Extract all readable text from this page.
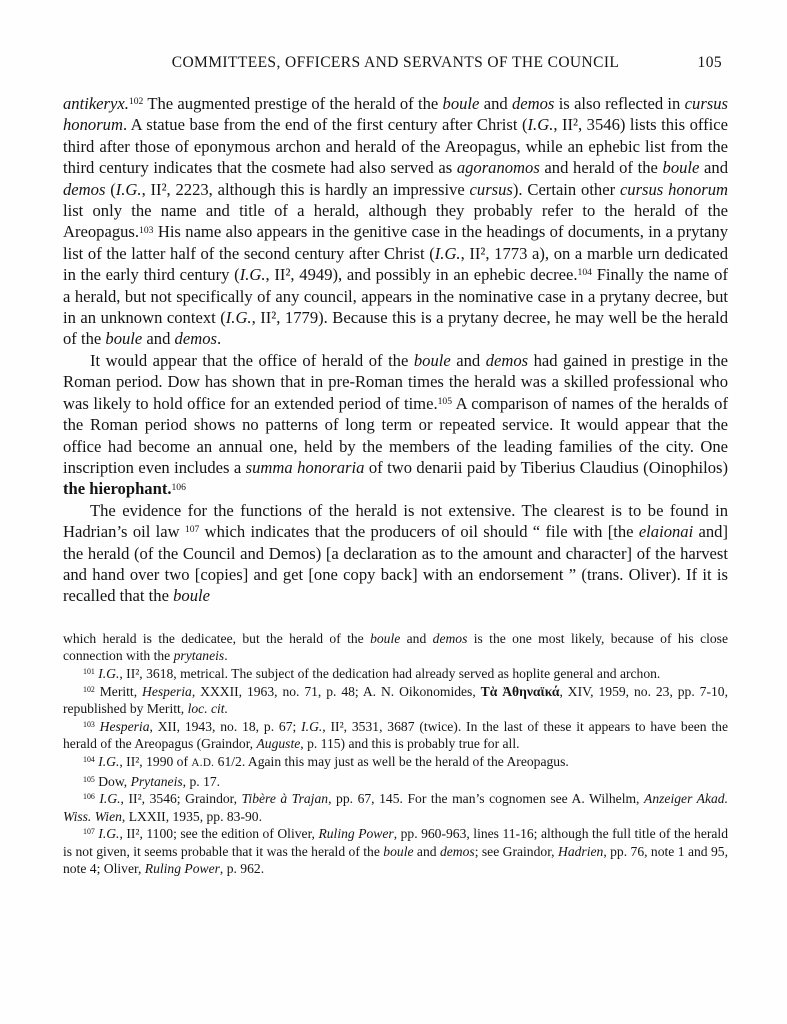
COMMITTEES, OFFICERS AND SERVANTS OF THE COUNCIL	105

antikeryx.$^{102}$ The augmented prestige of the herald of the boule and demos is also reflected in cursus honorum. A statue base from the end of the first century after Christ (I.G., II², 3546) lists this office third after those of eponymous archon and herald of the Areopagus, while an ephebic list from the third century indicates that the cosmete had also served as agoranomos and herald of the boule and demos (I.G., II², 2223, although this is hardly an impressive cursus). Certain other cursus honorum list only the name and title of a herald, although they probably refer to the herald of the Areopagus.$^{103}$ His name also appears in the genitive case in the headings of documents, in a prytany list of the latter half of the second century after Christ (I.G., II², 1773 a), on a marble urn dedicated in the early third century (I.G., II², 4949), and possibly in an ephebic decree.$^{104}$ Finally the name of a herald, but not specifically of any council, appears in the nominative case in a prytany decree, but in an unknown context (I.G., II², 1779). Because this is a prytany decree, he may well be the herald of the boule and demos.

It would appear that the office of herald of the boule and demos had gained in prestige in the Roman period. Dow has shown that in pre-Roman times the herald was a skilled professional who was likely to hold office for an extended period of time.$^{105}$ A comparison of names of the heralds of the Roman period shows no patterns of long term or repeated service. It would appear that the office had become an annual one, held by the members of the leading families of the city. One inscription even includes a summa honoraria of two denarii paid by Tiberius Claudius (Oinophilos) the hierophant.$^{106}$

The evidence for the functions of the herald is not extensive. The clearest is to be found in Hadrian’s oil law $^{107}$ which indicates that the producers of oil should “ file with [the elaionai and] the herald (of the Council and Demos) [a declaration as to the amount and character] of the harvest and hand over two [copies] and get [one copy back] with an endorsement ” (trans. Oliver). If it is recalled that the boule

which herald is the dedicatee, but the herald of the boule and demos is the one most likely, because of his close connection with the prytaneis.

$^{101}$ I.G., II², 3618, metrical. The subject of the dedication had already served as hoplite general and archon.

$^{102}$ Meritt, Hesperia, XXXII, 1963, no. 71, p. 48; A. N. Oikonomides, Τὰ Ἀθηναϊκά, XIV, 1959, no. 23, pp. 7-10, republished by Meritt, loc. cit.

$^{103}$ Hesperia, XII, 1943, no. 18, p. 67; I.G., II², 3531, 3687 (twice). In the last of these it appears to have been the herald of the Areopagus (Graindor, Auguste, p. 115) and this is probably true for all.

$^{104}$ I.G., II², 1990 of A.D. 61/2. Again this may just as well be the herald of the Areopagus.

$^{105}$ Dow, Prytaneis, p. 17.

$^{106}$ I.G., II², 3546; Graindor, Tibère à Trajan, pp. 67, 145. For the man’s cognomen see A. Wilhelm, Anzeiger Akad. Wiss. Wien, LXXII, 1935, pp. 83-90.

$^{107}$ I.G., II², 1100; see the edition of Oliver, Ruling Power, pp. 960-963, lines 11-16; although the full title of the herald is not given, it seems probable that it was the herald of the boule and demos; see Graindor, Hadrien, pp. 76, note 1 and 95, note 4; Oliver, Ruling Power, p. 962.
